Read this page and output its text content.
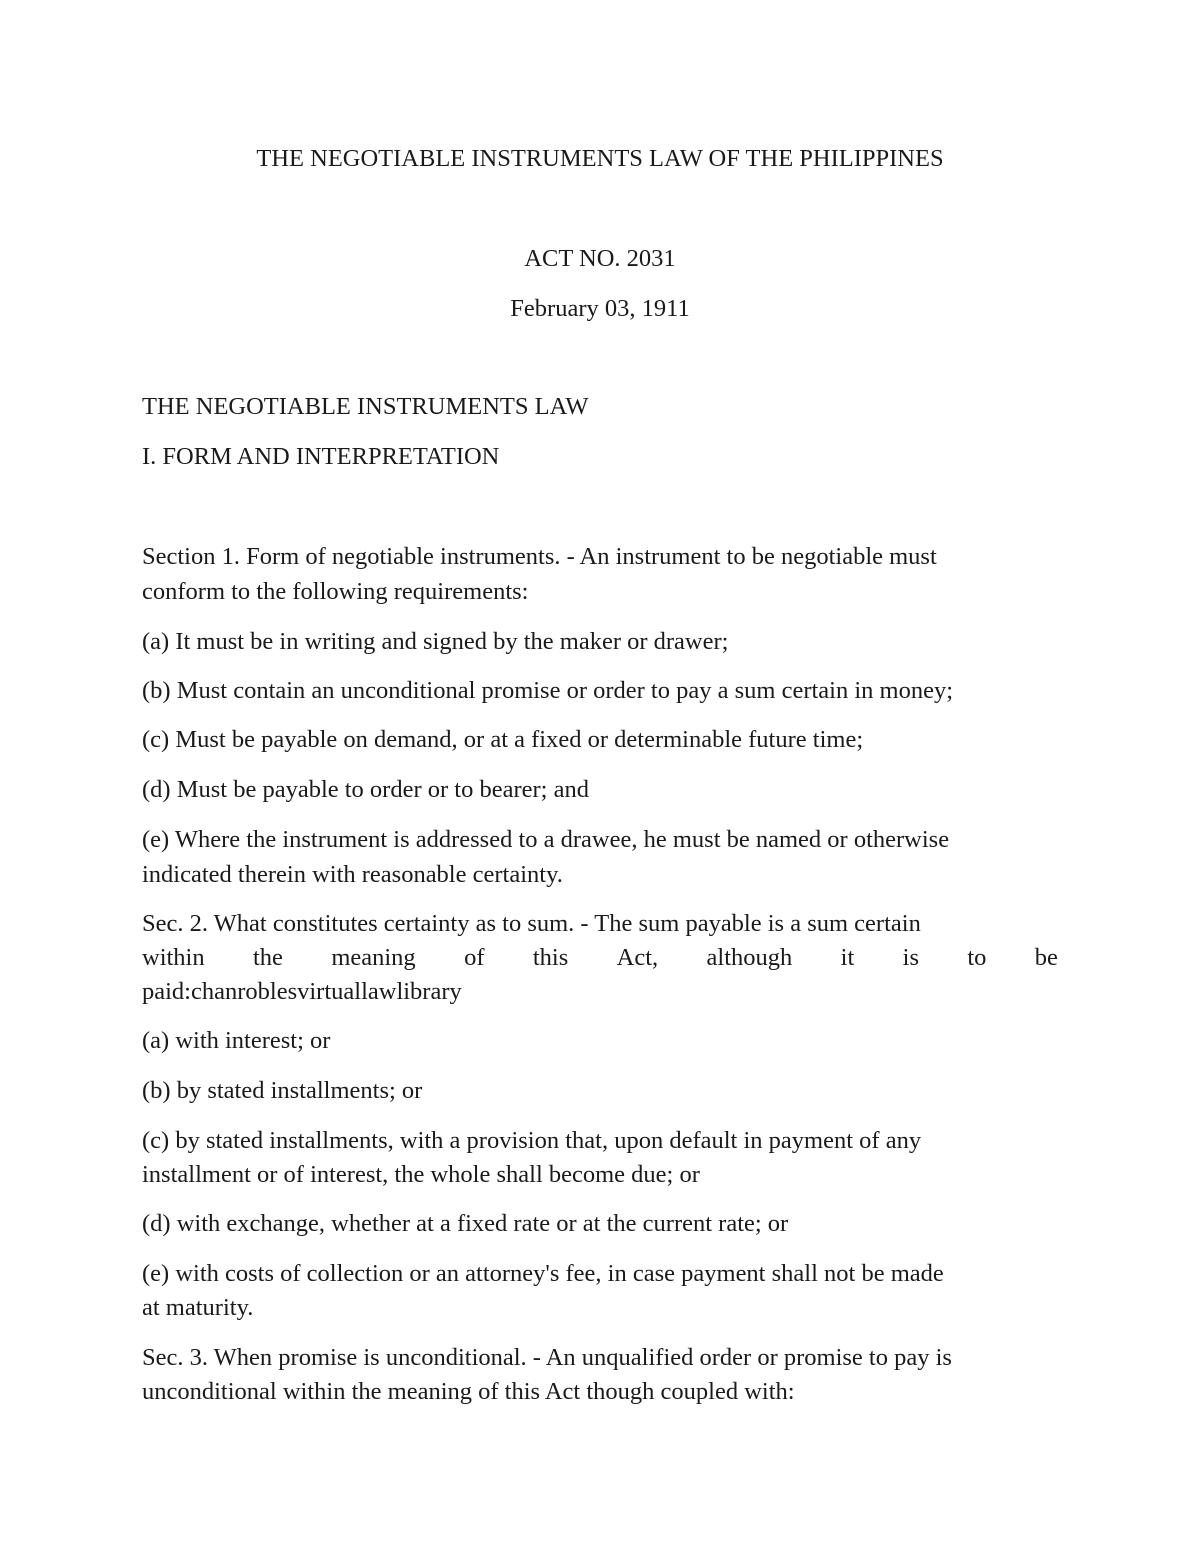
THE NEGOTIABLE INSTRUMENTS LAW OF THE PHILIPPINES

ACT NO. 2031

February 03, 1911

THE NEGOTIABLE INSTRUMENTS LAW

I. FORM AND INTERPRETATION

Section 1. Form of negotiable instruments. - An instrument to be negotiable must

conform to the following requirements:

(a) It must be in writing and signed by the maker or drawer;

(b) Must contain an unconditional promise or order to pay a sum certain in money;

(c) Must be payable on demand, or at a fixed or determinable future time;

(d) Must be payable to order or to bearer; and

(e) Where the instrument is addressed to a drawee, he must be named or otherwise

indicated therein with reasonable certainty.

Sec. 2. What constitutes certainty as to sum. - The sum payable is a sum certain

within the meaning of this Act, although it is to be

paid:chanroblesvirtuallawlibrary

(a) with interest; or

(b) by stated installments; or

(c) by stated installments, with a provision that, upon default in payment of any

installment or of interest, the whole shall become due; or

(d) with exchange, whether at a fixed rate or at the current rate; or

(e) with costs of collection or an attorney's fee, in case payment shall not be made

at maturity.

Sec. 3. When promise is unconditional. - An unqualified order or promise to pay is

unconditional within the meaning of this Act though coupled with:
